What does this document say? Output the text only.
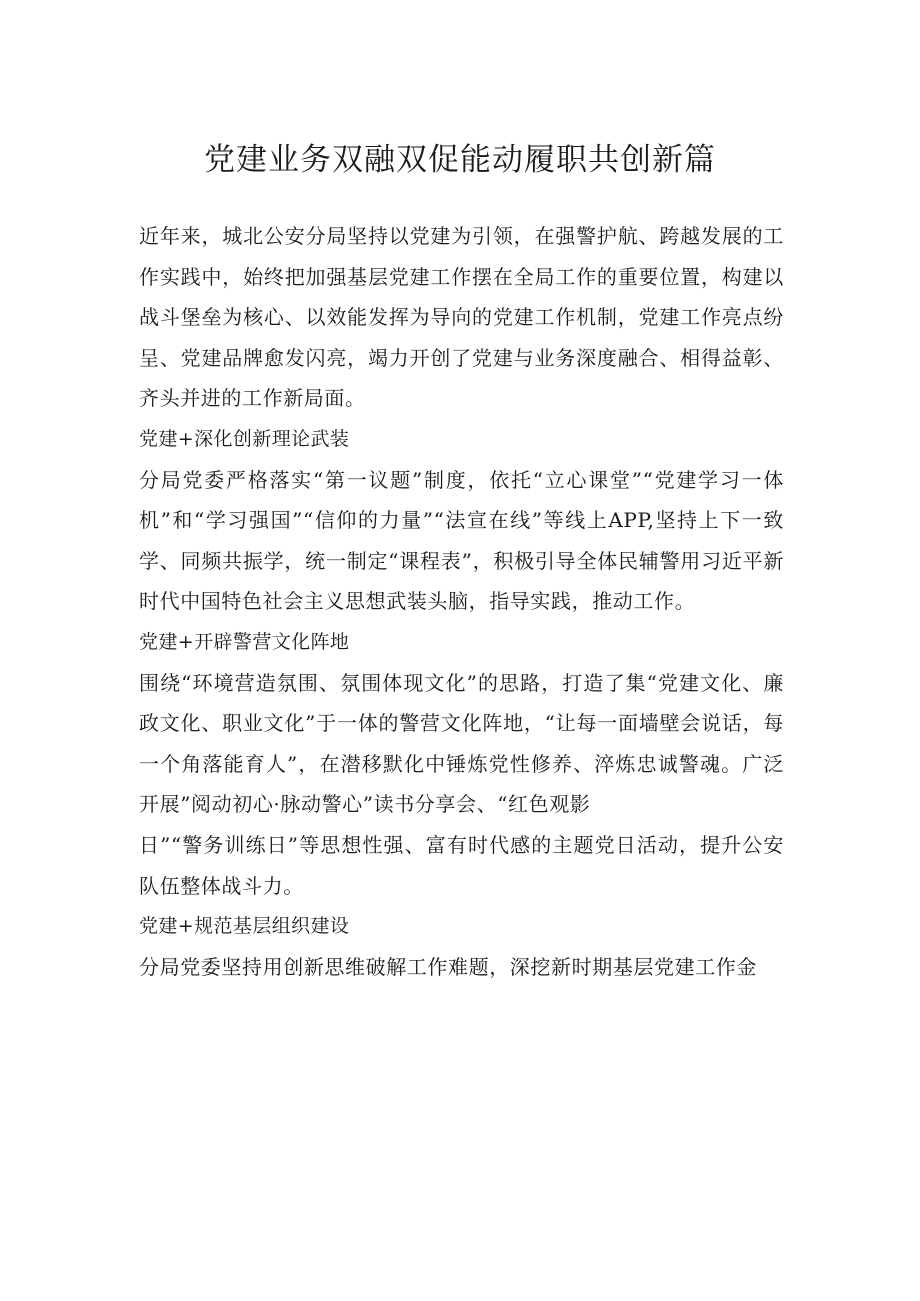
党建业务双融双促能动履职共创新篇

近年来，城北公安分局坚持以党建为引领，在强警护航、跨越发展的工作实践中，始终把加强基层党建工作摆在全局工作的重要位置，构建以战斗堡垒为核心、以效能发挥为导向的党建工作机制，党建工作亮点纷呈、党建品牌愈发闪亮，竭力开创了党建与业务深度融合、相得益彰、齐头并进的工作新局面。

党建+深化创新理论武装

分局党委严格落实“第一议题”制度，依托“立心课堂”“党建学习一体机”和“学习强国”“信仰的力量”“法宣在线”等线上APP,坚持上下一致学、同频共振学，统一制定“课程表”，积极引导全体民辅警用习近平新时代中国特色社会主义思想武装头脑，指导实践，推动工作。

党建+开辟警营文化阵地

围绕“环境营造氛围、氛围体现文化”的思路，打造了集“党建文化、廉政文化、职业文化”于一体的警营文化阵地，“让每一面墙壁会说话，每一个角落能育人”，在潜移默化中锤炼党性修养、淬炼忠诚警魂。广泛开展”阅动初心·脉动警心”读书分享会、“红色观影

日”“警务训练日”等思想性强、富有时代感的主题党日活动，提升公安队伍整体战斗力。

党建+规范基层组织建设

分局党委坚持用创新思维破解工作难题，深挖新时期基层党建工作金
